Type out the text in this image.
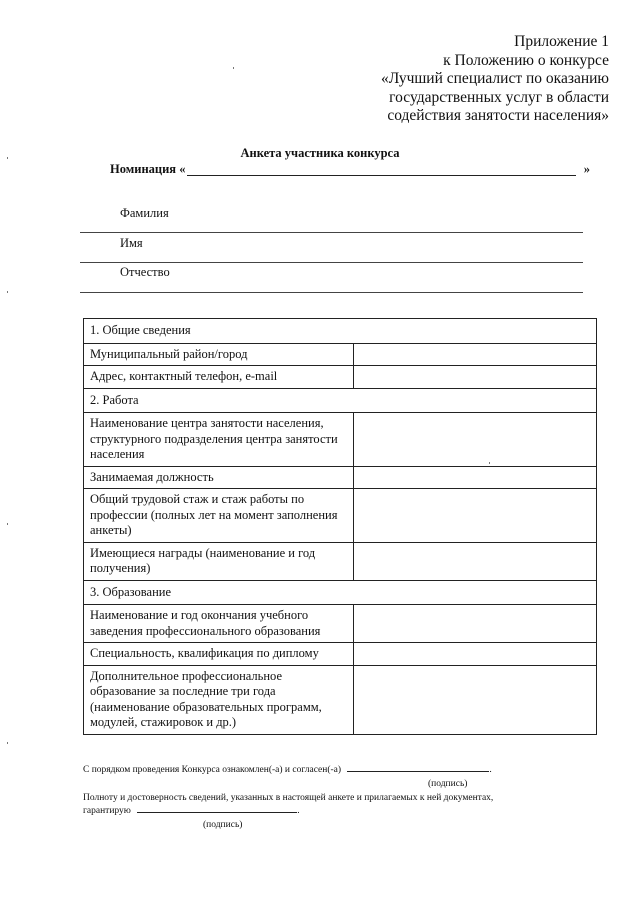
Приложение 1
к Положению о конкурсе
«Лучший специалист по оказанию
государственных услуг в области
содействия занятости населения»
Анкета участника конкурса
Номинация «	»
Фамилия
Имя
Отчество
1. Общие сведения	
Муниципальный район/город	
Адрес, контактный телефон, e-mail	
2. Работа	
Наименование центра занятости населения, структурного подразделения центра занятости населения	
Занимаемая должность	
Общий трудовой стаж и стаж работы по профессии (полных лет на момент заполнения анкеты)	
Имеющиеся награды (наименование и год получения)	
3. Образование	
Наименование и год окончания учебного заведения профессионального образования	
Специальность, квалификация по диплому	
Дополнительное профессиональное образование за последние три года (наименование образовательных программ, модулей, стажировок и др.)	
С порядком проведения Конкурса ознакомлен(-а) и согласен(-а)	.
(подпись)
Полноту и достоверность сведений, указанных в настоящей анкете и прилагаемых к ней документах,
гарантирую	.
(подпись)
